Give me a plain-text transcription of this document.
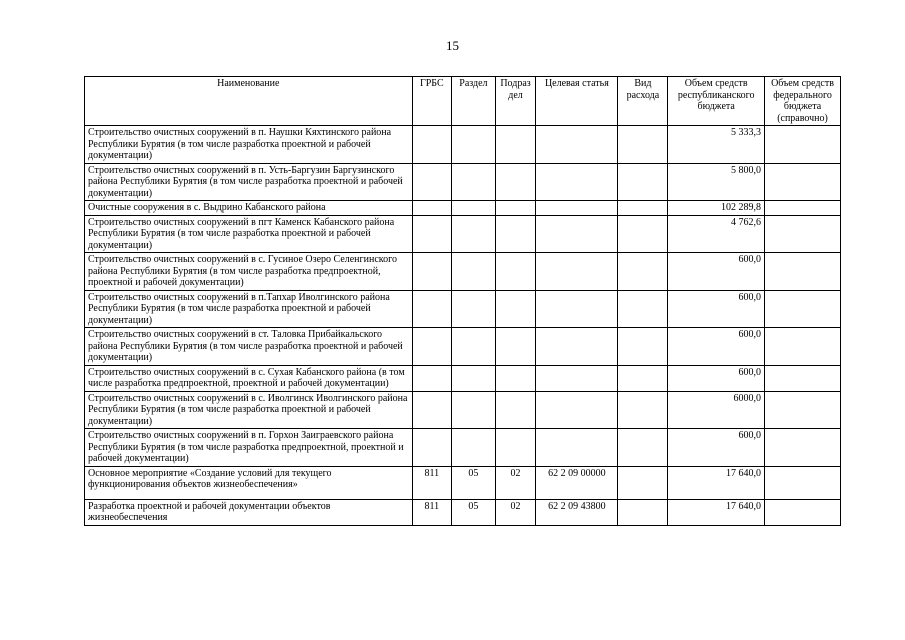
15
Наименование	ГРБС	Раздел	Подраз дел	Целевая статья	Вид расхода	Объем средств республиканского бюджета	Объем средств федерального бюджета (справочно)
Строительство очистных сооружений в п. Наушки Кяхтинского района Республики Бурятия (в том числе разработка проектной и рабочей документации)						5 333,3	
Строительство очистных сооружений в п. Усть-Баргузин Баргузинского района Республики Бурятия (в том числе разработка проектной и рабочей документации)						5 800,0	
Очистные сооружения в с. Выдрино Кабанского района						102 289,8	
Строительство очистных сооружений в пгт Каменск Кабанского района Республики Бурятия (в том числе разработка проектной и рабочей документации)						4 762,6	
Строительство очистных сооружений в с. Гусиное Озеро Селенгинского района Республики Бурятия (в том числе разработка предпроектной, проектной и рабочей документации)						600,0	
Строительство очистных сооружений в п.Тапхар Иволгинского района Республики Бурятия (в том числе разработка проектной и рабочей документации)						600,0	
Строительство очистных сооружений в ст. Таловка Прибайкальского района Республики Бурятия (в том числе разработка проектной и рабочей документации)						600,0	
Строительство очистных сооружений в с. Сухая Кабанского района (в том числе разработка предпроектной, проектной и рабочей документации)						600,0	
Строительство очистных сооружений в с. Иволгинск Иволгинского района Республики Бурятия (в том числе разработка проектной и рабочей документации)						6000,0	
Строительство очистных сооружений в п. Горхон Заиграевского района Республики Бурятия (в том числе разработка предпроектной, проектной и рабочей документации)						600,0	
Основное мероприятие «Создание условий для текущего функционирования объектов жизнеобеспечения»	811	05	02	62 2 09 00000		17 640,0	
Разработка проектной и рабочей документации объектов жизнеобеспечения	811	05	02	62 2 09 43800		17 640,0	
